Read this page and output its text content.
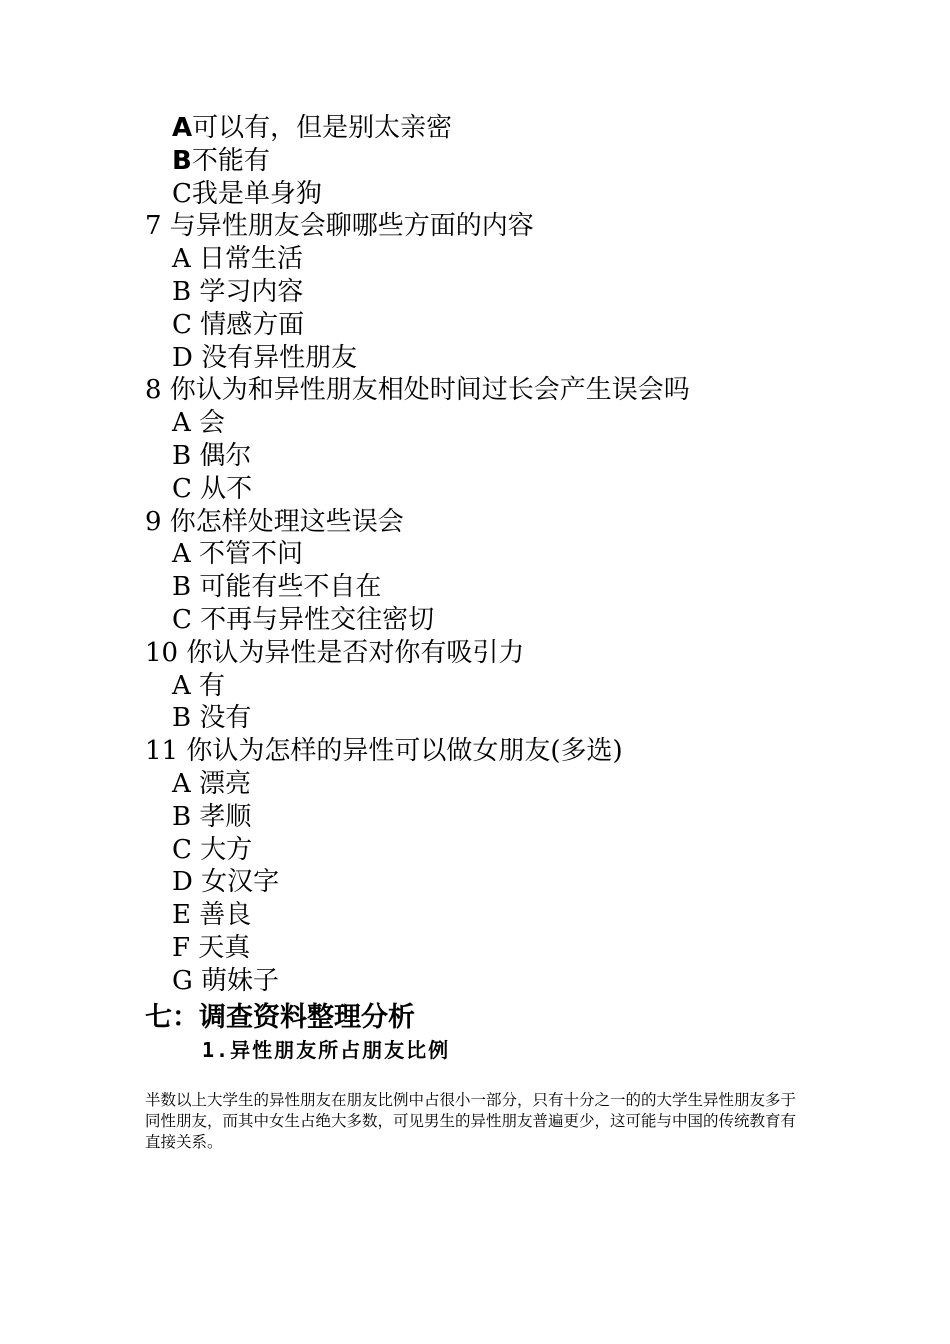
A可以有，但是别太亲密
B不能有
C我是单身狗
7 与异性朋友会聊哪些方面的内容
A 日常生活
B 学习内容
C 情感方面
D 没有异性朋友
8 你认为和异性朋友相处时间过长会产生误会吗
A 会
B 偶尔
C 从不
9 你怎样处理这些误会
A 不管不问
B 可能有些不自在
C 不再与异性交往密切
10 你认为异性是否对你有吸引力
A 有
B 没有
11 你认为怎样的异性可以做女朋友(多选)
A 漂亮
B 孝顺
C 大方
D 女汉字
E 善良
F 天真
G 萌妹子
七：调查资料整理分析
1.异性朋友所占朋友比例
半数以上大学生的异性朋友在朋友比例中占很小一部分，只有十分之一的的大学生异性朋友多于同性朋友，而其中女生占绝大多数，可见男生的异性朋友普遍更少，这可能与中国的传统教育有直接关系。
